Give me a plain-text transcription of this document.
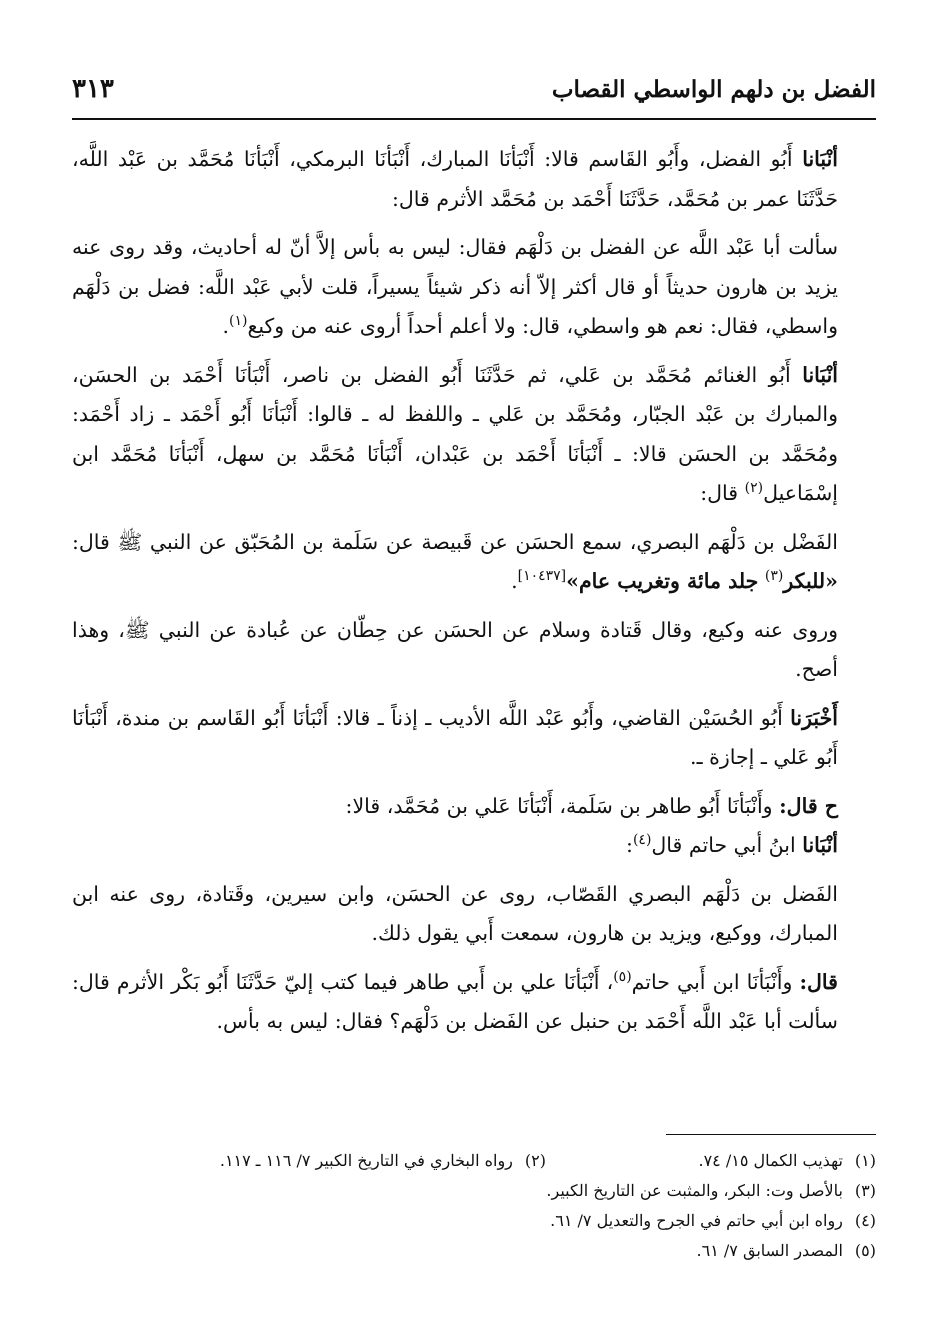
الفضل بن دلهم الواسطي القصاب
٣١٣

أنْبَانا أَبُو الفضل، وأَبُو القَاسم قالا: أَنْبَأنَا المبارك، أَنْبَأنَا البرمكي، أَنْبَأنَا مُحَمَّد بن عَبْد اللَّه، حَدَّثَنَا عمر بن مُحَمَّد، حَدَّثَنَا أَحْمَد بن مُحَمَّد الأثرم قال:

سألت أبا عَبْد اللَّه عن الفضل بن دَلْهَم فقال: ليس به بأس إلاَّ أنّ له أحاديث، وقد روى عنه يزيد بن هارون حديثاً أو قال أكثر إلاّ أنه ذكر شيئاً يسيراً، قلت لأبي عَبْد اللَّه: فضل بن دَلْهَم واسطي، فقال: نعم هو واسطي، قال: ولا أعلم أحداً أروى عنه من وكيع$^{(١)}$.

أنْبَانا أَبُو الغنائم مُحَمَّد بن عَلي، ثم حَدَّثَنَا أَبُو الفضل بن ناصر، أَنْبَأنَا أَحْمَد بن الحسَن، والمبارك بن عَبْد الجبّار، ومُحَمَّد بن عَلي ـ واللفظ له ـ قالوا: أَنْبَأنَا أَبُو أَحْمَد ـ زاد أَحْمَد: ومُحَمَّد بن الحسَن قالا: ـ أَنْبَأنَا أَحْمَد بن عَبْدان، أَنْبَأنَا مُحَمَّد بن سهل، أَنْبَأنَا مُحَمَّد ابن إسْمَاعيل$^{(٢)}$ قال:

الفَضْل بن دَلْهَم البصري، سمع الحسَن عن قَبيصة عن سَلَمة بن المُحَبّق عن النبي ﷺ قال: «للبكر$^{(٣)}$ جلد مائة وتغريب عام»[١٠٤٣٧].

وروى عنه وكيع، وقال قَتادة وسلام عن الحسَن عن حِطّان عن عُبادة عن النبي ﷺ، وهذا أصح.

أَخْبَرَنا أَبُو الحُسَيْن القاضي، وأَبُو عَبْد اللَّه الأديب ـ إذناً ـ قالا: أَنْبَأنَا أَبُو القَاسم بن مندة، أَنْبَأنَا أَبُو عَلي ـ إجازة ـ.

ح قال: وأَنْبَأنَا أَبُو طاهر بن سَلَمة، أَنْبَأنَا عَلي بن مُحَمَّد، قالا:

أنْبَانا ابنُ أبي حاتم قال$^{(٤)}$:

الفَضل بن دَلْهَم البصري القَصّاب، روى عن الحسَن، وابن سيرين، وقَتادة، روى عنه ابن المبارك، ووكيع، ويزيد بن هارون، سمعت أَبي يقول ذلك.

قال: وأَنْبَأنَا ابن أَبي حاتم$^{(٥)}$، أَنْبَأنَا علي بن أَبي طاهر فيما كتب إليّ حَدَّثَنَا أَبُو بَكْر الأثرم قال: سألت أبا عَبْد اللَّه أَحْمَد بن حنبل عن الفَضل بن دَلْهَم؟ فقال: ليس به بأس.

(١)تهذيب الكمال ١٥/ ٧٤.
(٢)رواه البخاري في التاريخ الكبير ٧/ ١١٦ ـ ١١٧.
(٣)بالأصل وت: البكر، والمثبت عن التاريخ الكبير.
(٤)رواه ابن أبي حاتم في الجرح والتعديل ٧/ ٦١.
(٥)المصدر السابق ٧/ ٦١.
